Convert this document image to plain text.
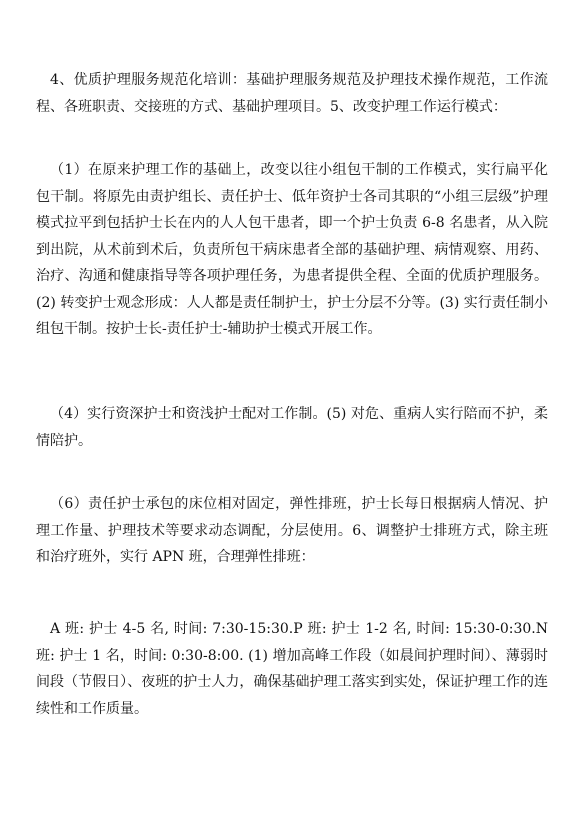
4、优质护理服务规范化培训：基础护理服务规范及护理技术操作规范，工作流程、各班职责、交接班的方式、基础护理项目。5、改变护理工作运行模式：

（1）在原来护理工作的基础上，改变以往小组包干制的工作模式，实行扁平化包干制。将原先由责护组长、责任护士、低年资护士各司其职的“小组三层级”护理模式拉平到包括护士长在内的人人包干患者，即一个护士负责 6-8 名患者，从入院到出院，从术前到术后，负责所包干病床患者全部的基础护理、病情观察、用药、治疗、沟通和健康指导等各项护理任务，为患者提供全程、全面的优质护理服务。(2) 转变护士观念形成：人人都是责任制护士，护士分层不分等。(3) 实行责任制小组包干制。按护士长-责任护士-辅助护士模式开展工作。

（4）实行资深护士和资浅护士配对工作制。(5) 对危、重病人实行陪而不护，柔情陪护。

（6）责任护士承包的床位相对固定，弹性排班，护士长每日根据病人情况、护理工作量、护理技术等要求动态调配，分层使用。6、调整护士排班方式，除主班和治疗班外，实行 APN 班，合理弹性排班：

A 班: 护士 4-5 名, 时间: 7:30-15:30.P 班: 护士 1-2 名, 时间: 15:30-0:30.N 班: 护士 1 名，时间: 0:30-8:00. (1) 增加高峰工作段（如晨间护理时间）、薄弱时间段（节假日）、夜班的护士人力，确保基础护理工落实到实处，保证护理工作的连续性和工作质量。
